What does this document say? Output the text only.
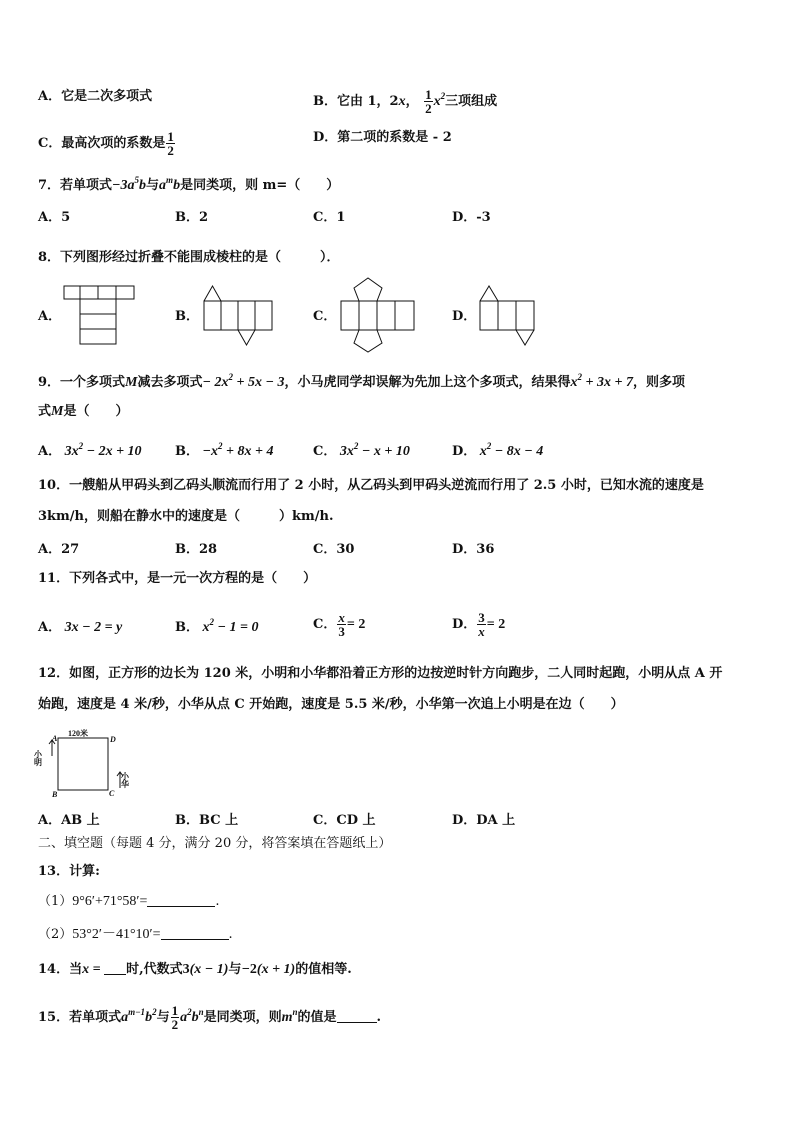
A．它是二次多项式	B．它由 1，2x， $\frac{1}{2} x^2$三项组成
C．最高次项的系数是 $\frac{1}{2}$	D．第二项的系数是 - 2
7．若单项式$-3a^5b$与$a^mb$是同类项，则 m=（　　）
A．5	B．2	C．1	D．-3
8．下列图形经过折叠不能围成棱柱的是（　　　）．
A．	B．	C．	D．
9．一个多项式M减去多项式− $2x^2 + 5x - 3$，小马虎同学却误解为先加上这个多项式，结果得$x^2 + 3x + 7$，则多项
式M是（　　）
A． $3x^2 - 2x + 10$	B． $-x^2 + 8x + 4$	C． $3x^2 - x + 10$	D． $x^2 - 8x - 4$
10．一艘船从甲码头到乙码头顺流而行用了 2 小时，从乙码头到甲码头逆流而行用了 2.5 小时，已知水流的速度是
3km/h，则船在静水中的速度是（　　　）km/h.
A．27	B．28	C．30	D．36
11．下列各式中，是一元一次方程的是（　　）
A． 3x − 2 = y	B． $x^2 - 1 = 0$	C． $\frac{x}{3} = 2$	D． $\frac{3}{x} = 2$
12．如图，正方形的边长为 120 米，小明和小华都沿着正方形的边按逆时针方向跑步，二人同时起跑，小明从点 A 开
始跑，速度是 4 米/秒，小华从点 C 开始跑，速度是 5.5 米/秒，小华第一次追上小明是在边（　　）
120米
A	D
B	C
小明
小华
A．AB 上	B．BC 上	C．CD 上	D．DA 上
二、填空题（每题 4 分，满分 20 分，将答案填在答题纸上）
13．计算:
（1）9°6′+71°58′=	.
（2）53°2′－41°10′=	.
14．当x = 时,代数式3(x − 1)与−2(x + 1)的值相等.
15．若单项式$a^{m-1}b^2$与 $\frac{1}{2} a^2b^n$是同类项，则$m^n$的值是	.
